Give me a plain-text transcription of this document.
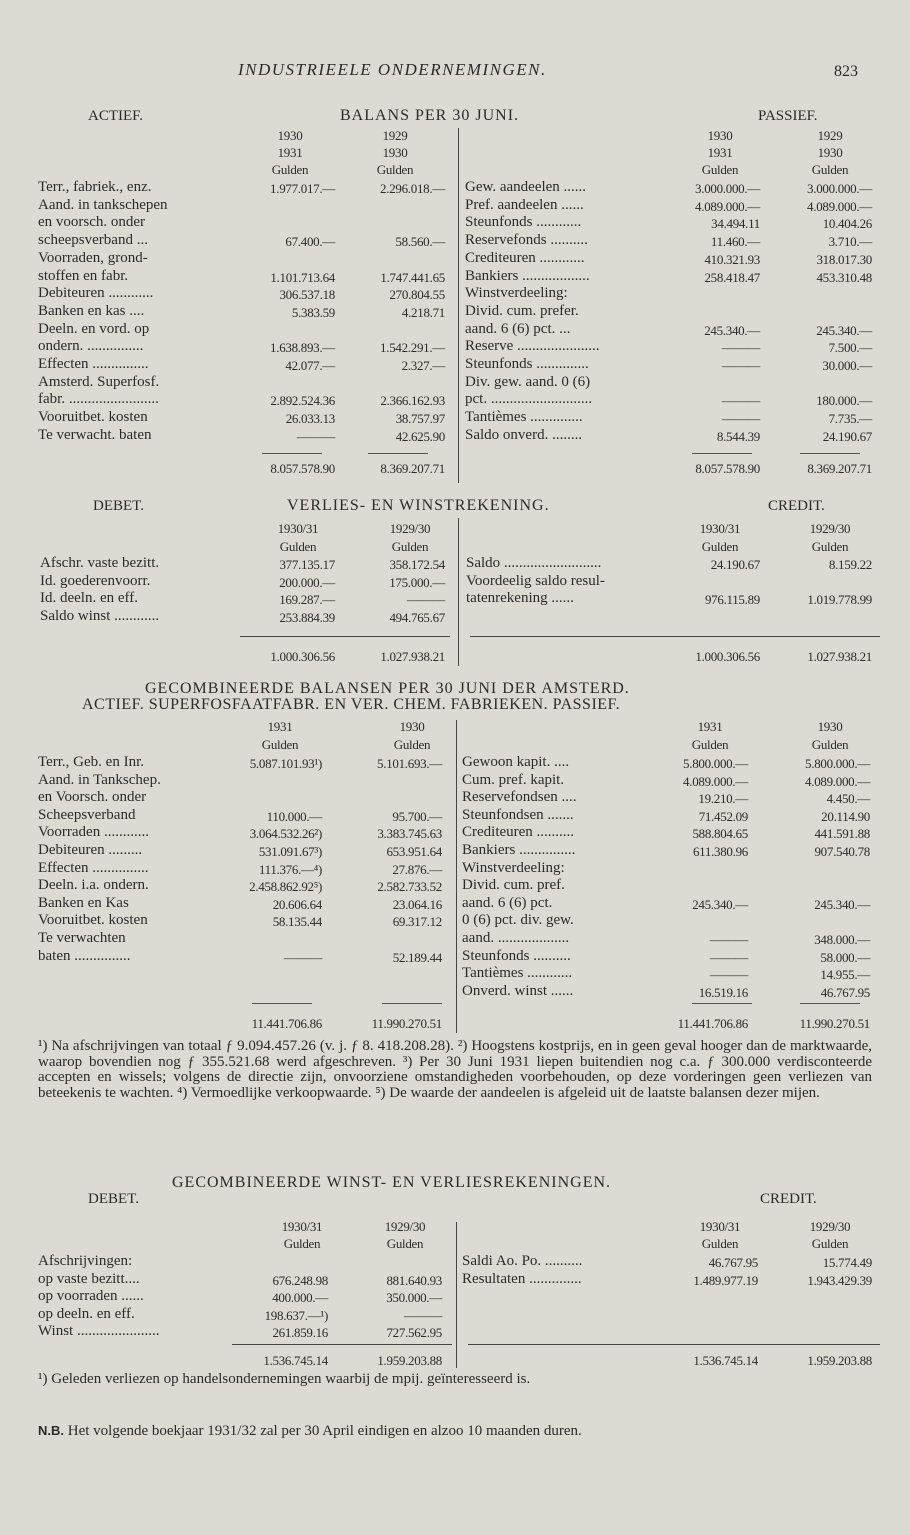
INDUSTRIEELE ONDERNEMINGEN.	823
ACTIEF.	BALANS PER 30 JUNI.	PASSIEF.
1930
1931
Gulden
1929
1930
Gulden
1930
1931
Gulden
1929
1930
Gulden
Terr., fabriek., enz.	1.977.017.—	2.296.018.—
Aand. in tankschepen
en voorsch. onder
scheepsverband ...	67.400.—	58.560.—
Voorraden, grond-
stoffen en fabr.	1.101.713.64	1.747.441.65
Debiteuren ............	306.537.18	270.804.55
Banken en kas ....	5.383.59	4.218.71
Deeln. en vord. op
ondern. ...............	1.638.893.—	1.542.291.—
Effecten ...............	42.077.—	2.327.—
Amsterd. Superfosf.
fabr. ........................	2.892.524.36	2.366.162.93
Vooruitbet. kosten	26.033.13	38.757.97
Te verwacht. baten	———	42.625.90
Gew. aandeelen ......	3.000.000.—	3.000.000.—
Pref. aandeelen ......	4.089.000.—	4.089.000.—
Steunfonds ............	34.494.11	10.404.26
Reservefonds ..........	11.460.—	3.710.—
Crediteuren ............	410.321.93	318.017.30
Bankiers ..................	258.418.47	453.310.48
Winstverdeeling:
Divid. cum. prefer.
aand. 6 (6) pct. ...	245.340.—	245.340.—
Reserve ......................	———	7.500.—
Steunfonds ..............	———	30.000.—
Div. gew. aand. 0 (6)
pct. ...........................	———	180.000.—
Tantièmes ..............	———	7.735.—
Saldo onverd. ........	8.544.39	24.190.67
8.057.578.90	8.369.207.71	8.057.578.90	8.369.207.71
DEBET.	VERLIES- EN WINSTREKENING.	CREDIT.
1930/31
Gulden
1929/30
Gulden
1930/31
Gulden
1929/30
Gulden
Afschr. vaste bezitt.	377.135.17	358.172.54
Id. goederenvoorr.	200.000.—	175.000.—
Id. deeln. en eff.	169.287.—	———
Saldo winst ............	253.884.39	494.765.67
Saldo ..........................	24.190.67	8.159.22
Voordeelig saldo resul-
tatenrekening ......	976.115.89	1.019.778.99
1.000.306.56	1.027.938.21	1.000.306.56	1.027.938.21
GECOMBINEERDE BALANSEN PER 30 JUNI DER AMSTERD.
ACTIEF. SUPERFOSFAATFABR. EN VER. CHEM. FABRIEKEN. PASSIEF.
1931
Gulden
1930
Gulden
1931
Gulden
1930
Gulden
Terr., Geb. en Inr.	5.087.101.93¹)	5.101.693.—
Aand. in Tankschep.
en Voorsch. onder
Scheepsverband	110.000.—	95.700.—
Voorraden ............	3.064.532.26²)	3.383.745.63
Debiteuren .........	531.091.67³)	653.951.64
Effecten ...............	111.376.—⁴)	27.876.—
Deeln. i.a. ondern.	2.458.862.92⁵)	2.582.733.52
Banken en Kas	20.606.64	23.064.16
Vooruitbet. kosten	58.135.44	69.317.12
Te verwachten
baten ...............	———	52.189.44
Gewoon kapit. ....	5.800.000.—	5.800.000.—
Cum. pref. kapit.	4.089.000.—	4.089.000.—
Reservefondsen ....	19.210.—	4.450.—
Steunfondsen .......	71.452.09	20.114.90
Crediteuren ..........	588.804.65	441.591.88
Bankiers ...............	611.380.96	907.540.78
Winstverdeeling:
Divid. cum. pref.
aand. 6 (6) pct.	245.340.—	245.340.—
0 (6) pct. div. gew.
aand. ...................	———	348.000.—
Steunfonds ..........	———	58.000.—
Tantièmes ............	———	14.955.—
Onverd. winst ......	16.519.16	46.767.95
11.441.706.86	11.990.270.51	11.441.706.86	11.990.270.51
¹) Na afschrijvingen van totaal ƒ 9.094.457.26 (v. j. ƒ 8. 418.208.28). ²) Hoogstens kostprijs, en in geen geval hooger dan de marktwaarde, waarop bovendien nog ƒ 355.521.68 werd afgeschreven. ³) Per 30 Juni 1931 liepen buitendien nog c.a. ƒ 300.000 verdisconteerde accepten en wissels; volgens de directie zijn, onvoorziene omstandigheden voorbehouden, op deze vorderingen geen verliezen van beteekenis te wachten. ⁴) Vermoedlijke verkoopwaarde. ⁵) De waarde der aandeelen is afgeleid uit de laatste balansen dezer mijen.
GECOMBINEERDE WINST- EN VERLIESREKENINGEN.
DEBET.	CREDIT.
1930/31
Gulden
1929/30
Gulden
1930/31
Gulden
1929/30
Gulden
Afschrijvingen:
op vaste bezitt....	676.248.98	881.640.93
op voorraden ......	400.000.—	350.000.—
op deeln. en eff.	198.637.—¹)	———
Winst ......................	261.859.16	727.562.95
Saldi Ao. Po. ..........	46.767.95	15.774.49
Resultaten ..............	1.489.977.19	1.943.429.39
1.536.745.14	1.959.203.88	1.536.745.14	1.959.203.88
¹) Geleden verliezen op handelsondernemingen waarbij de mpij. geïnteresseerd is.
N.B. Het volgende boekjaar 1931/32 zal per 30 April eindigen en alzoo 10 maanden duren.
